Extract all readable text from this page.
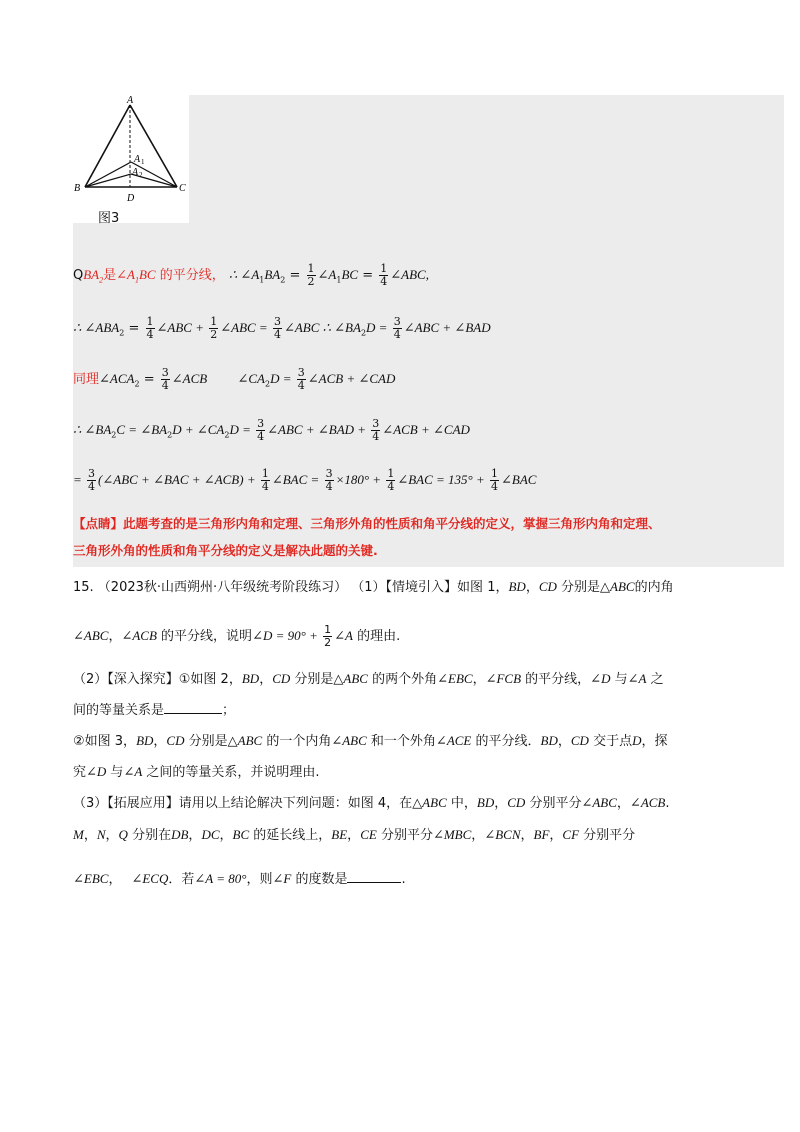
A
A 1
A 2
B	C
D
图3
$QBA_2$是$\angle A_1BC$ 的平分线， ∴ $\angle A_1BA_2 = \frac{1}{2}$ $\angle A_1BC = \frac{1}{4}$ ∠ABC,
∴ $\angle ABA_2 = \frac{1}{4}$ ∠ABC + $\frac{1}{2}$ ∠ABC = $\frac{3}{4}$ ∠ABC ∴ $\angle BA_2D = \frac{3}{4}$ ∠ABC + ∠BAD
同理$\angle ACA_2 = \frac{3}{4}$ ∠ACB $\angle CA_2D = \frac{3}{4}$ ∠ACB + ∠CAD
∴ $\angle BA_2C$ = $\angle BA_2D$ + $\angle CA_2D = \frac{3}{4}$ ∠ABC + ∠BAD + $\frac{3}{4}$ ∠ACB + ∠CAD
= $\frac{3}{4}$ (∠ABC + ∠BAC + ∠ACB) + $\frac{1}{4}$ ∠BAC = $\frac{3}{4} \times 180^\circ + \frac{1}{4}$ ∠BAC = $135^\circ + \frac{1}{4}$ ∠BAC
【点睛】此题考查的是三角形内角和定理、三角形外角的性质和角平分线的定义，掌握三角形内角和定理、
三角形外角的性质和角平分线的定义是解决此题的关键.
15. （2023秋·山西朔州·八年级统考阶段练习） （1）【情境引入】如图 1，BD，CD 分别是△ABC的内角
∠ABC，∠ACB 的平分线，说明∠D = $90^\circ + \frac{1}{2}$ ∠A 的理由.
（2）【深入探究】①如图 2，BD，CD 分别是△ABC 的两个外角∠EBC，∠FCB 的平分线，∠D 与∠A 之
间的等量关系是	；
②如图 3，BD，CD 分别是△ABC 的一个内角∠ABC 和一个外角∠ACE 的平分线．BD，CD 交于点D，探
究∠D 与∠A 之间的等量关系，并说明理由.
（3）【拓展应用】请用以上结论解决下列问题：如图 4，在△ABC 中，BD，CD 分别平分∠ABC，∠ACB.
M，N，Q 分别在DB，DC，BC 的延长线上，BE，CE 分别平分∠MBC，∠BCN，BF，CF 分别平分
∠EBC， ∠ECQ．若∠A = 80°，则∠F 的度数是	.
